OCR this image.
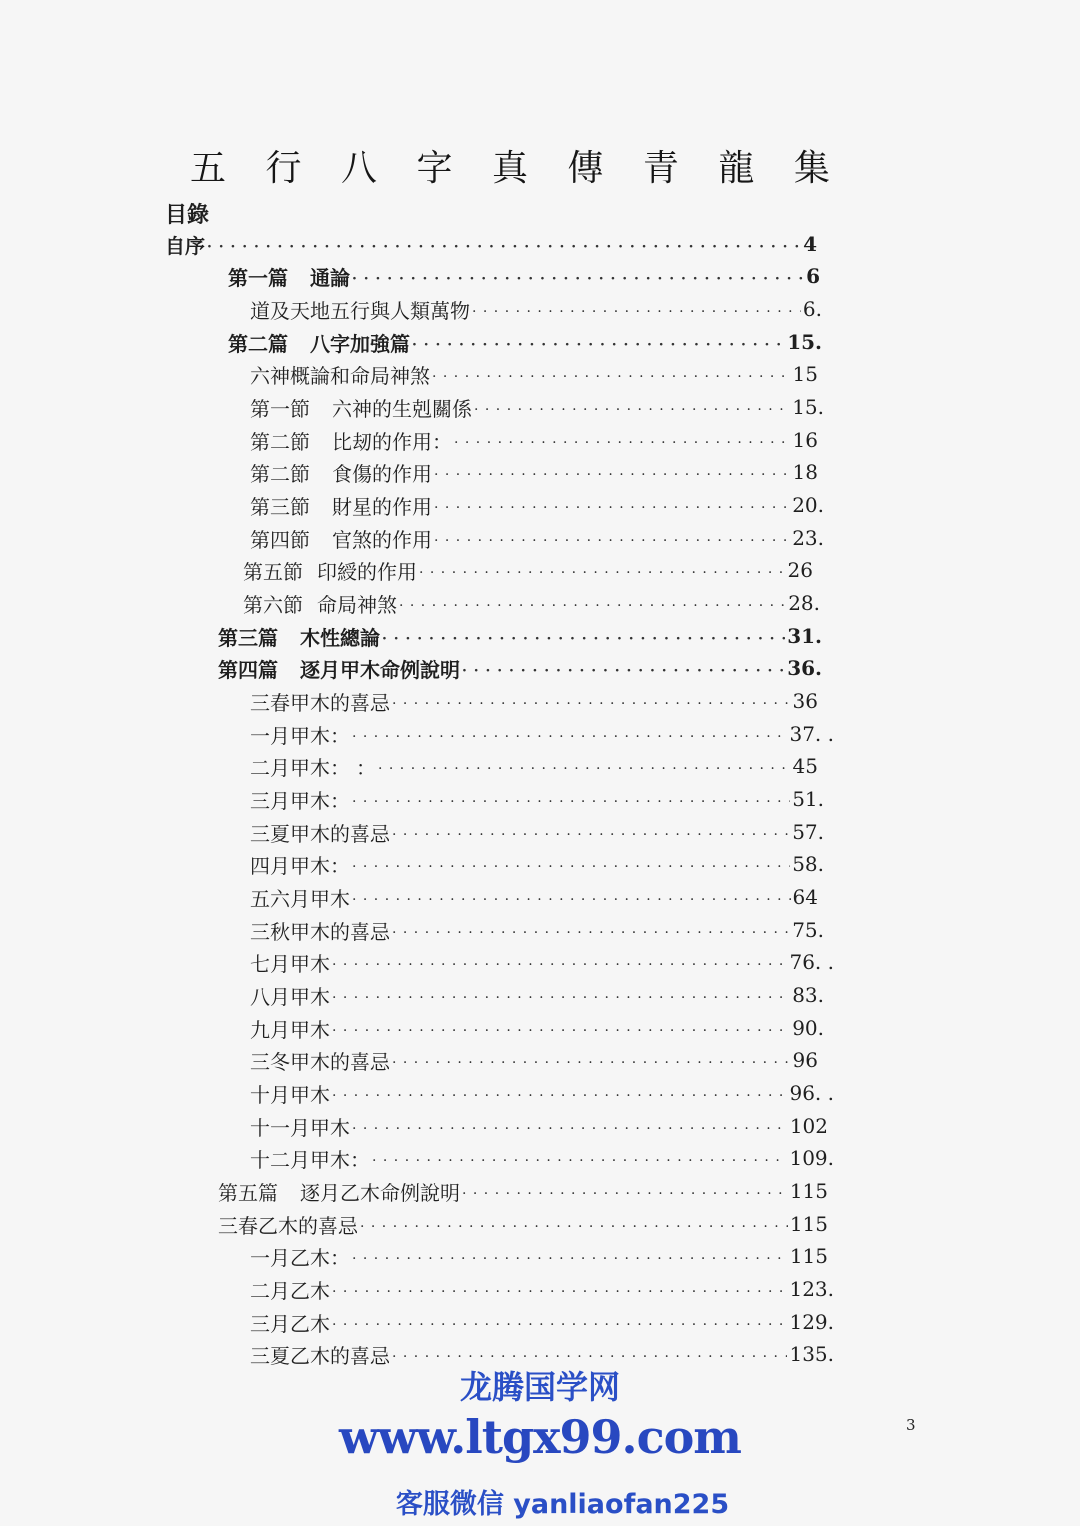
五 行 八 字 真 傳 青 龍 集
目錄
自序 · · ·	4
第一篇 通論 · · ·	6
道及天地五行與人類萬物 · · ·	6.
第二篇 八字加強篇 · · ·	15.
六神概論和命局神煞 · · ·	15
第一節 六神的生剋關係 · · ·	15.
第二節 比刼的作用： · · ·	16
第二節 食傷的作用 · · ·	18
第三節 財星的作用 · · ·	20.
第四節 官煞的作用 · · ·	23.
第五節 印綬的作用 · · ·	26
第六節 命局神煞 · · ·	28.
第三篇 木性總論 · · ·	31.
第四篇 逐月甲木命例說明 · · ·	36.
三春甲木的喜忌 · · ·	36
一月甲木： · · ·	37. .
二月甲木： ： · · ·	45
三月甲木： · · ·	51.
三夏甲木的喜忌 · · ·	57.
四月甲木： · · ·	58.
五六月甲木 · · ·	64
三秋甲木的喜忌 · · ·	75.
七月甲木 · · ·	76. .
八月甲木 · · ·	83.
九月甲木 · · ·	90.
三冬甲木的喜忌 · · ·	96
十月甲木 · · ·	96. .
十一月甲木 · · ·	102
十二月甲木： · · ·	109.
第五篇 逐月乙木命例說明 · · ·	115
三春乙木的喜忌 · · ·	115
一月乙木： · · ·	115
二月乙木 · · ·	123.
三月乙木 · · ·	129.
三夏乙木的喜忌 · · ·	135.
龙腾国学网
www.ltgx99.com
客服微信 yanliaofan225
3
